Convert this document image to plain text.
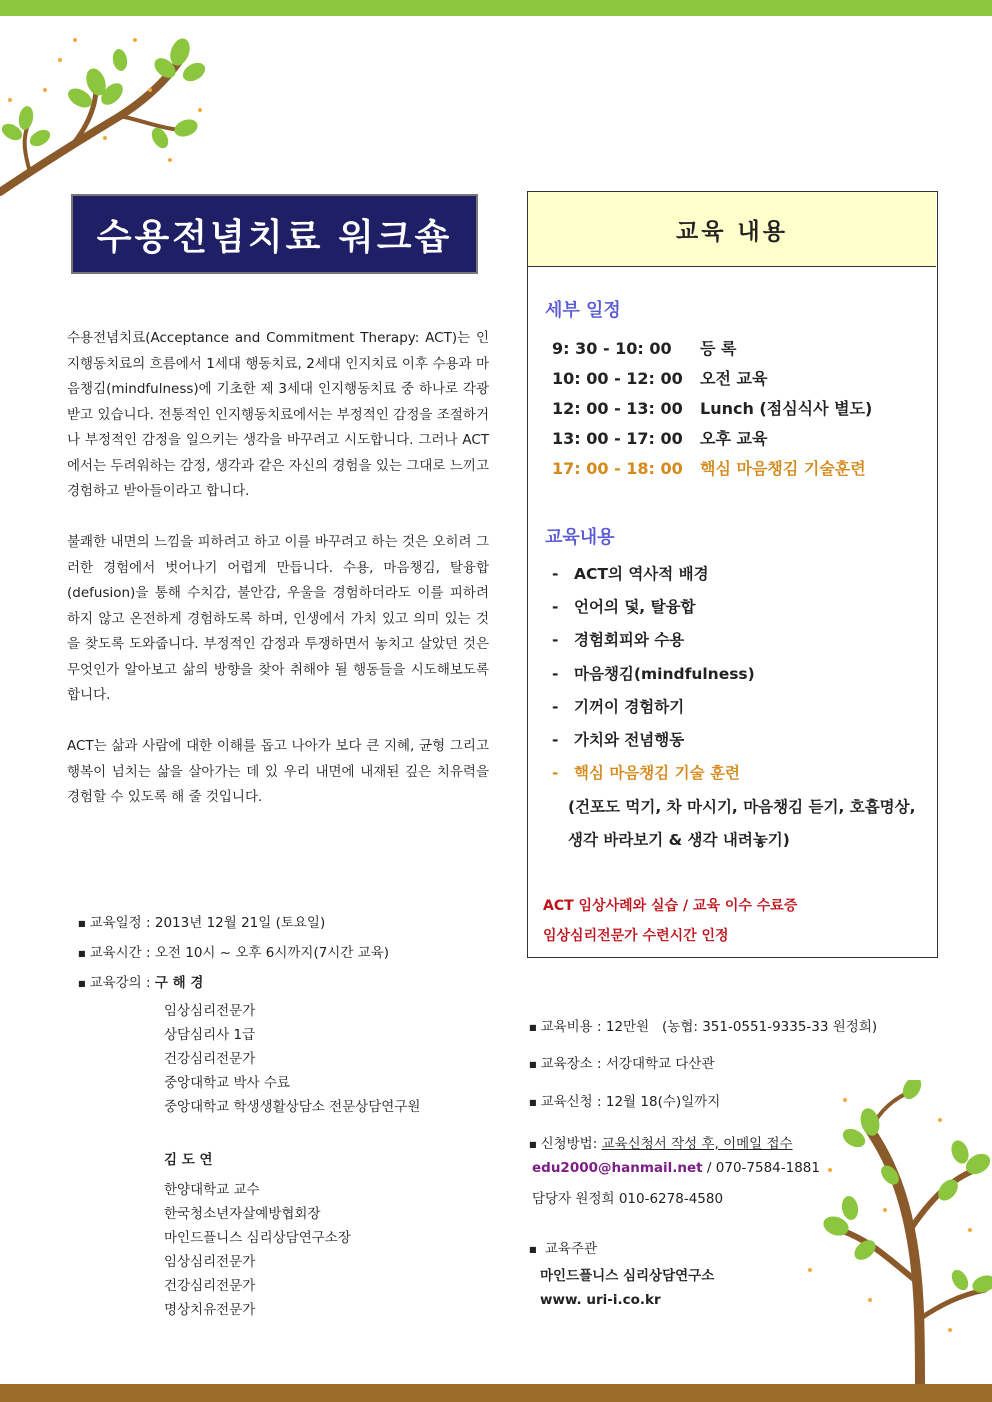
수용전념치료 워크숍

수용전념치료(Acceptance and Commitment Therapy: ACT)는 인지행동치료의 흐름에서 1세대 행동치료, 2세대 인지치료 이후 수용과 마음챙김(mindfulness)에 기초한 제 3세대 인지행동치료 중 하나로 각광받고 있습니다. 전통적인 인지행동치료에서는 부정적인 감정을 조절하거나 부정적인 감정을 일으키는 생각을 바꾸려고 시도합니다. 그러나 ACT에서는 두려워하는 감정, 생각과 같은 자신의 경험을 있는 그대로 느끼고 경험하고 받아들이라고 합니다.

불쾌한 내면의 느낌을 피하려고 하고 이를 바꾸려고 하는 것은 오히려 그러한 경험에서 벗어나기 어렵게 만듭니다. 수용, 마음챙김, 탈융합(defusion)을 통해 수치감, 불안감, 우울을 경험하더라도 이를 피하려 하지 않고 온전하게 경험하도록 하며, 인생에서 가치 있고 의미 있는 것을 찾도록 도와줍니다. 부정적인 감정과 투쟁하면서 놓치고 살았던 것은 무엇인가 알아보고 삶의 방향을 찾아 취해야 될 행동들을 시도해보도록 합니다.

ACT는 삶과 사람에 대한 이해를 돕고 나아가 보다 큰 지혜, 균형 그리고 행복이 넘치는 삶을 살아가는 데 있 우리 내면에 내재된 깊은 치유력을 경험할 수 있도록 해 줄 것입니다.

교육 내용
세부 일정
9: 30 - 10: 00 등 록
10: 00 - 12: 00 오전 교육
12: 00 - 13: 00 Lunch (점심식사 별도)
13: 00 - 17: 00 오후 교육
17: 00 - 18: 00 핵심 마음챙김 기술훈련
교육내용
- ACT의 역사적 배경
- 언어의 덫, 탈융합
- 경험회피와 수용
- 마음챙김(mindfulness)
- 기꺼이 경험하기
- 가치와 전념행동
- 핵심 마음챙김 기술 훈련
(건포도 먹기, 차 마시기, 마음챙김 듣기, 호흡명상,
생각 바라보기 & 생각 내려놓기)
ACT 임상사례와 실습 / 교육 이수 수료증
임상심리전문가 수련시간 인정
■ 교육일정 : 2013년 12월 21일 (토요일)
■ 교육시간 : 오전 10시 ~ 오후 6시까지(7시간 교육)
■ 교육강의 : 구 해 경
임상심리전문가
상담심리사 1급
건강심리전문가
중앙대학교 박사 수료
중앙대학교 학생생활상담소 전문상담연구원
김 도 연
한양대학교 교수
한국청소년자살예방협회장
마인드플니스 심리상담연구소장
임상심리전문가
건강심리전문가
명상치유전문가
■ 교육비용 : 12만원 (농협: 351-0551-9335-33 원정희)
■ 교육장소 : 서강대학교 다산관
■ 교육신청 : 12월 18(수)일까지
■ 신청방법: 교육신청서 작성 후, 이메일 접수
edu2000@hanmail.net / 070-7584-1881
담당자 원정희 010-6278-4580
■ 교육주관
마인드플니스 심리상담연구소
www. uri-i.co.kr
